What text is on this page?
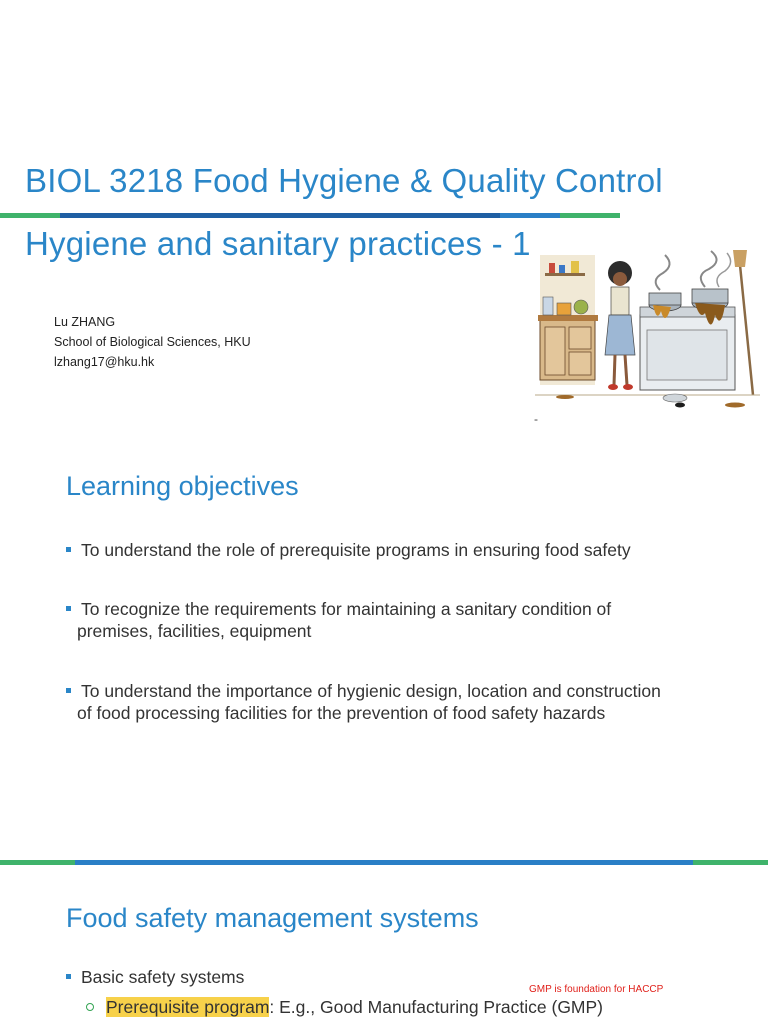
BIOL 3218 Food Hygiene & Quality Control
Hygiene and sanitary practices - 1
Lu ZHANG
School of Biological Sciences, HKU
lzhang17@hku.hk
-
Learning objectives
To understand the role of prerequisite programs in ensuring food safety
To recognize the requirements for maintaining a sanitary condition of
premises, facilities, equipment
To understand the importance of hygienic design, location and construction
of food processing facilities for the prevention of food safety hazards
Food safety management systems
Basic safety systems
GMP is foundation for HACCP
Prerequisite program: E.g., Good Manufacturing Practice (GMP)
